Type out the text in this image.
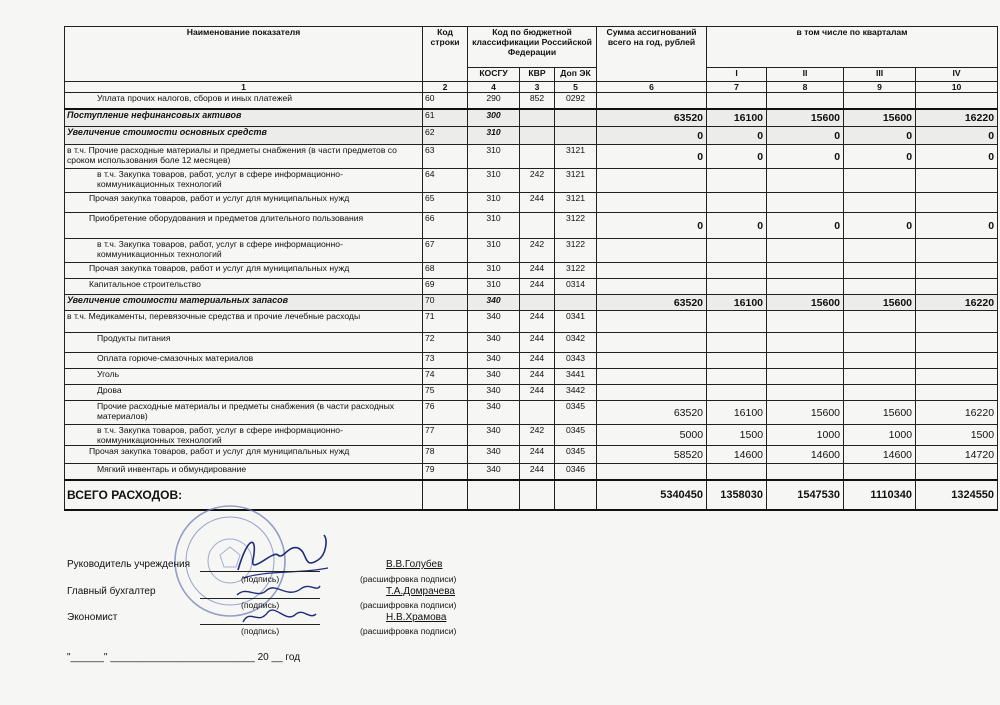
Наименование показателя	Код строки	Код по бюджетной классификации Российской Федерации			Сумма ассигнований всего на год, рублей	в том числе по кварталам			
		КОСГУ	КВР	Доп ЭК		I	II	III	IV
1	2	4	3	5	6	7	8	9	10
Уплата прочих налогов, сборов и иных платежей	60	290	852	0292					
Поступление нефинансовых активов	61	300			63520	16100	15600	15600	16220
Увеличение стоимости основных средств	62	310			0	0	0	0	0
в т.ч. Прочие расходные материалы и предметы снабжения (в части предметов со сроком использования боле 12 месяцев)	63	310		3121	0	0	0	0	0
в т.ч. Закупка товаров, работ, услуг в сфере информационно-коммуникационных технологий	64	310	242	3121					
Прочая закупка товаров, работ и услуг для муниципальных нужд	65	310	244	3121					
Приобретение оборудования и предметов длительного пользования	66	310		3122	0	0	0	0	0
в т.ч. Закупка товаров, работ, услуг в сфере информационно-коммуникационных технологий	67	310	242	3122					
Прочая закупка товаров, работ и услуг для муниципальных нужд	68	310	244	3122					
Капитальное строительство	69	310	244	0314					
Увеличение стоимости материальных запасов	70	340			63520	16100	15600	15600	16220
в т.ч. Медикаменты, перевязочные средства и прочие лечебные расходы	71	340	244	0341					
Продукты питания	72	340	244	0342					
Оплата горюче-смазочных материалов	73	340	244	0343					
Уголь	74	340	244	3441					
Дрова	75	340	244	3442					
Прочие расходные материалы и предметы снабжения (в части расходных материалов)	76	340		0345	63520	16100	15600	15600	16220
в т.ч. Закупка товаров, работ, услуг в сфере информационно-коммуникационных технологий	77	340	242	0345	5000	1500	1000	1000	1500
Прочая закупка товаров, работ и услуг для муниципальных нужд	78	340	244	0345	58520	14600	14600	14600	14720
Мягкий инвентарь и обмундирование	79	340	244	0346					
ВСЕГО РАСХОДОВ:					5340450	1358030	1547530	1110340	1324550
Руководитель учреждения
(подпись)
В.В.Голубев
(расшифровка подписи)
Главный бухгалтер
(подпись)
Т.А.Домрачева
(расшифровка подписи)
Экономист
(подпись)
Н.В.Храмова
(расшифровка подписи)
"______" __________________________ 20 __ год
